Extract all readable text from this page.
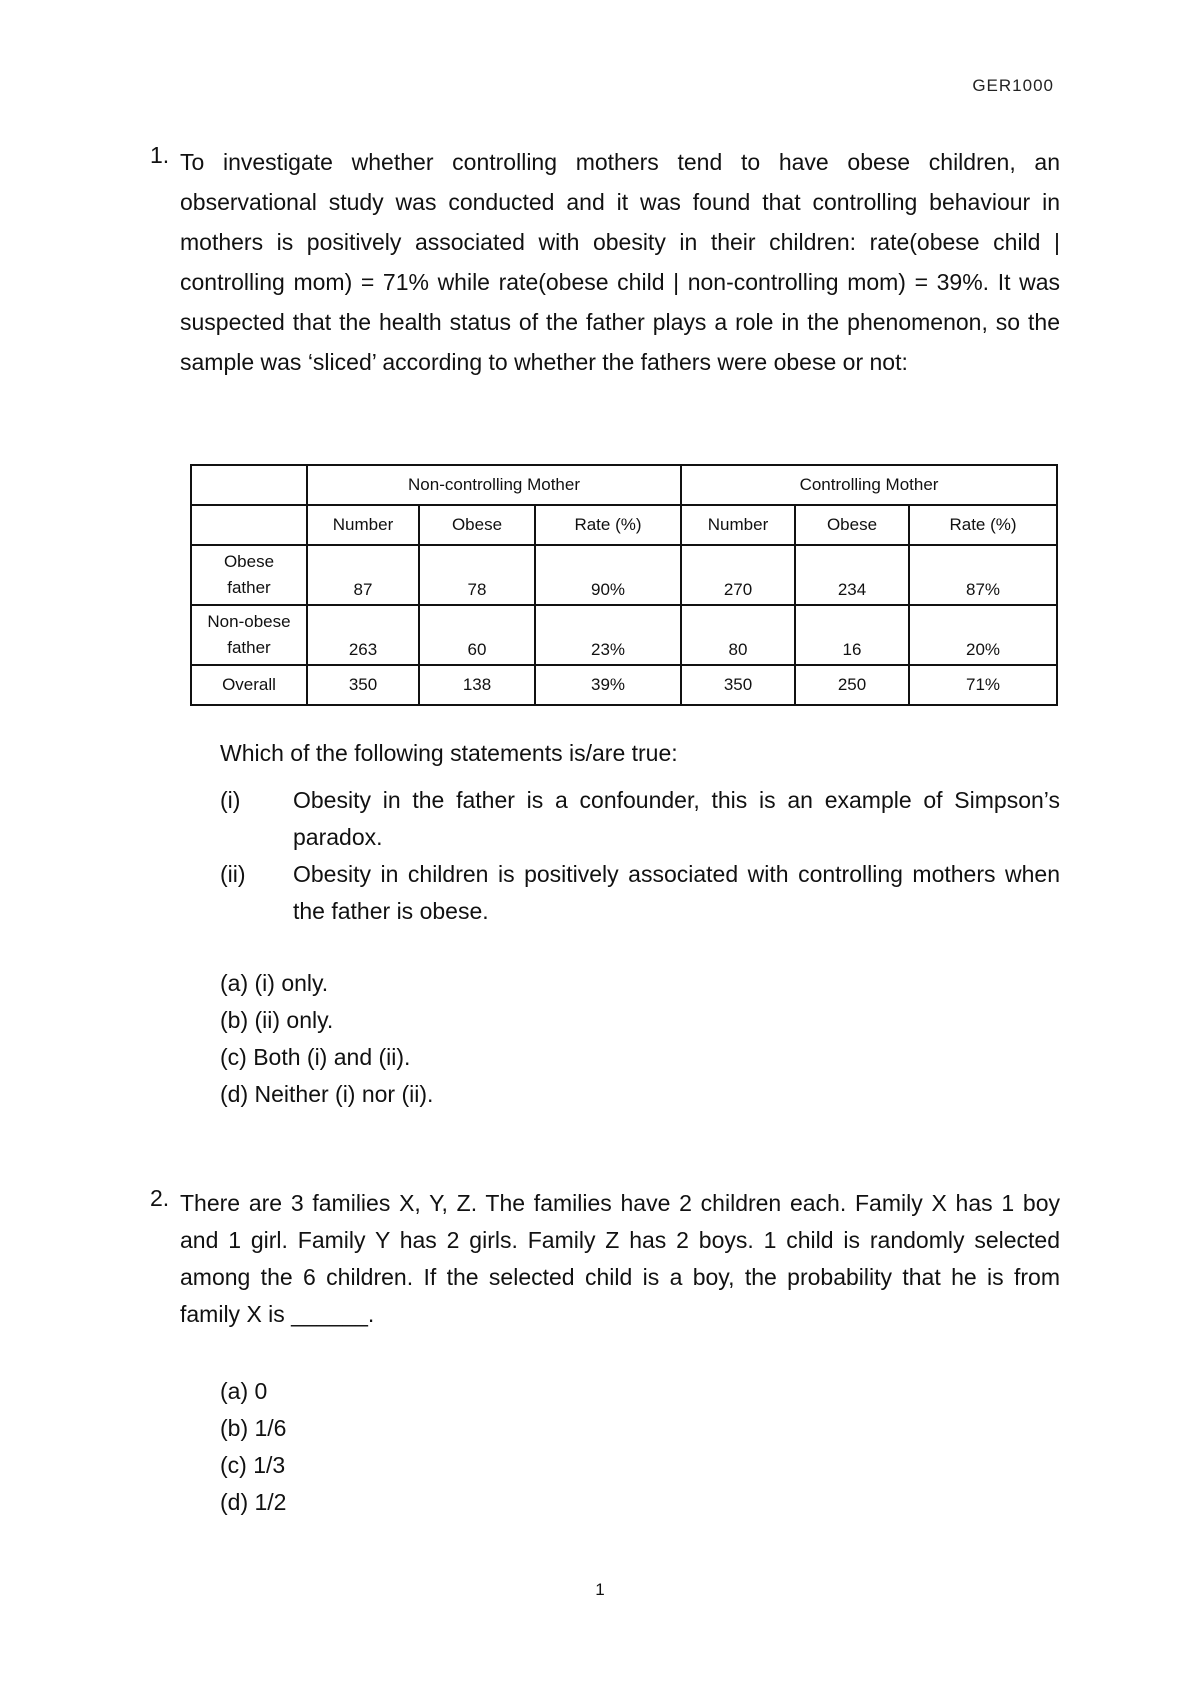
GER1000
1. To investigate whether controlling mothers tend to have obese children, an observational study was conducted and it was found that controlling behaviour in mothers is positively associated with obesity in their children: rate(obese child | controlling mom) = 71% while rate(obese child | non-controlling mom) = 39%. It was suspected that the health status of the father plays a role in the phenomenon, so the sample was ‘sliced’ according to whether the fathers were obese or not:

	Non-controlling Mother			Controlling Mother		
	Number	Obese	Rate (%)	Number	Obese	Rate (%)
Obese
father	87	78	90%	270	234	87%
Non-obese
father	263	60	23%	80	16	20%
Overall	350	138	39%	350	250	71%
Which of the following statements is/are true:
(i) Obesity in the father is a confounder, this is an example of Simpson’s paradox.
(ii) Obesity in children is positively associated with controlling mothers when the father is obese.
(a) (i) only.
(b) (ii) only.
(c) Both (i) and (ii).
(d) Neither (i) nor (ii).
2. There are 3 families X, Y, Z. The families have 2 children each. Family X has 1 boy and 1 girl. Family Y has 2 girls. Family Z has 2 boys. 1 child is randomly selected among the 6 children. If the selected child is a boy, the probability that he is from family X is ______.

(a) 0
(b) 1/6
(c) 1/3
(d) 1/2
1
